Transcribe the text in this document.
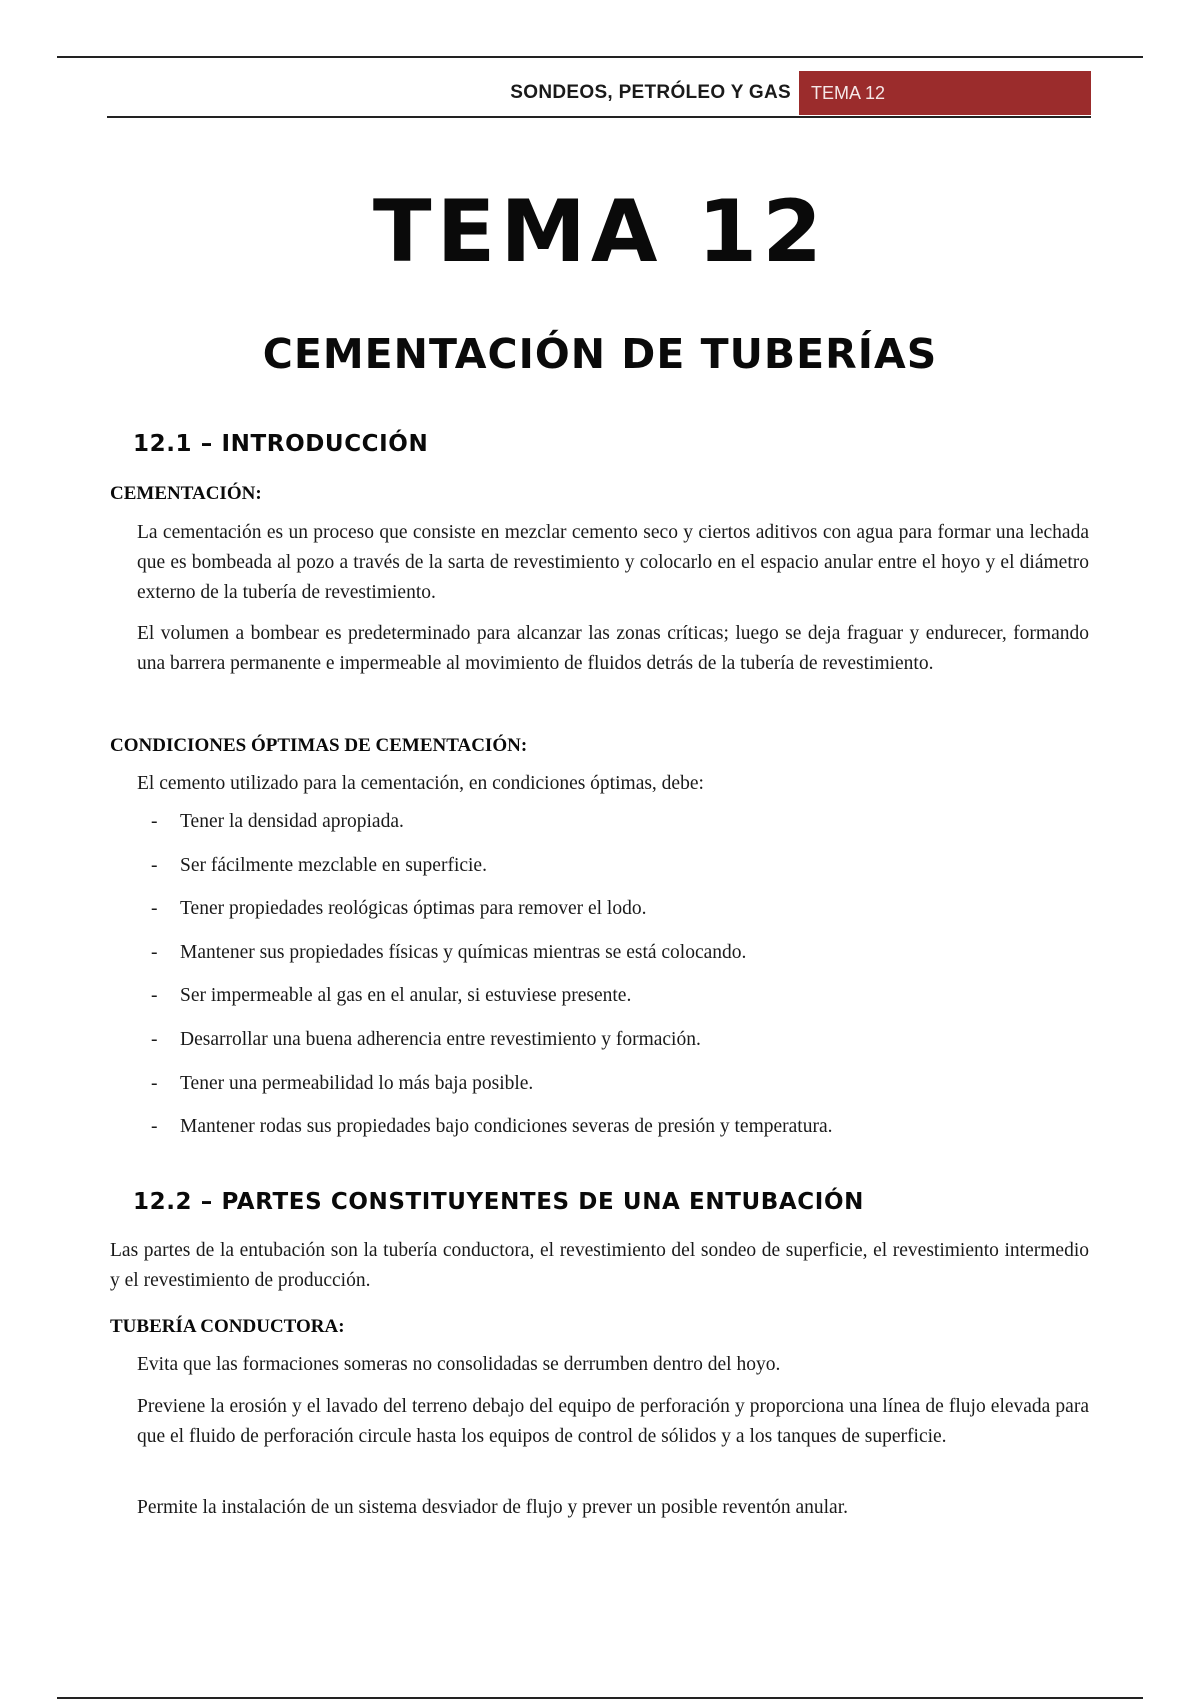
SONDEOS, PETRÓLEO Y GAS	TEMA 12
TEMA 12
CEMENTACIÓN DE TUBERÍAS
12.1 – INTRODUCCIÓN
CEMENTACIÓN:

La cementación es un proceso que consiste en mezclar cemento seco y ciertos aditivos con agua para formar una lechada que es bombeada al pozo a través de la sarta de revestimiento y colocarlo en el espacio anular entre el hoyo y el diámetro externo de la tubería de revestimiento.

El volumen a bombear es predeterminado para alcanzar las zonas críticas; luego se deja fraguar y endurecer, formando una barrera permanente e impermeable al movimiento de fluidos detrás de la tubería de revestimiento.

CONDICIONES ÓPTIMAS DE CEMENTACIÓN:

El cemento utilizado para la cementación, en condiciones óptimas, debe:

- Tener la densidad apropiada.
- Ser fácilmente mezclable en superficie.
- Tener propiedades reológicas óptimas para remover el lodo.
- Mantener sus propiedades físicas y químicas mientras se está colocando.
- Ser impermeable al gas en el anular, si estuviese presente.
- Desarrollar una buena adherencia entre revestimiento y formación.
- Tener una permeabilidad lo más baja posible.
- Mantener rodas sus propiedades bajo condiciones severas de presión y temperatura.
12.2 – PARTES CONSTITUYENTES DE UNA ENTUBACIÓN

Las partes de la entubación son la tubería conductora, el revestimiento del sondeo de superficie, el revestimiento intermedio y el revestimiento de producción.

TUBERÍA CONDUCTORA:

Evita que las formaciones someras no consolidadas se derrumben dentro del hoyo.

Previene la erosión y el lavado del terreno debajo del equipo de perforación y proporciona una línea de flujo elevada para que el fluido de perforación circule hasta los equipos de control de sólidos y a los tanques de superficie.

Permite la instalación de un sistema desviador de flujo y prever un posible reventón anular.
